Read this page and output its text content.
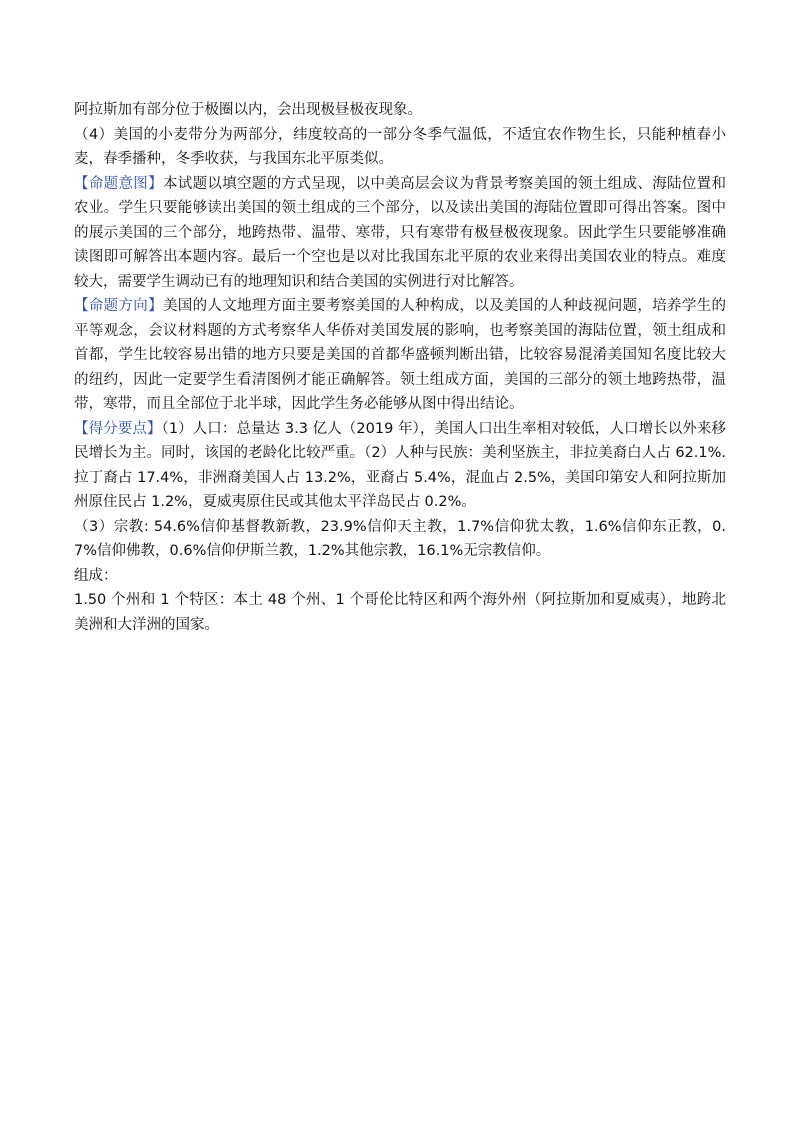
阿拉斯加有部分位于极圈以内，会出现极昼极夜现象。

（4）美国的小麦带分为两部分，纬度较高的一部分冬季气温低，不适宜农作物生长，只能种植春小麦，春季播种，冬季收获，与我国东北平原类似。

【命题意图】本试题以填空题的方式呈现，以中美高层会议为背景考察美国的领土组成、海陆位置和农业。学生只要能够读出美国的领土组成的三个部分，以及读出美国的海陆位置即可得出答案。图中的展示美国的三个部分，地跨热带、温带、寒带，只有寒带有极昼极夜现象。因此学生只要能够准确读图即可解答出本题内容。最后一个空也是以对比我国东北平原的农业来得出美国农业的特点。难度较大，需要学生调动已有的地理知识和结合美国的实例进行对比解答。

【命题方向】美国的人文地理方面主要考察美国的人种构成，以及美国的人种歧视问题，培养学生的平等观念，会议材料题的方式考察华人华侨对美国发展的影响，也考察美国的海陆位置，领土组成和首都，学生比较容易出错的地方只要是美国的首都华盛顿判断出错，比较容易混淆美国知名度比较大的纽约，因此一定要学生看清图例才能正确解答。领土组成方面，美国的三部分的领土地跨热带，温带，寒带，而且全部位于北半球，因此学生务必能够从图中得出结论。

【得分要点】（1）人口：总量达 3.3 亿人（2019 年），美国人口出生率相对较低，人口增长以外来移民增长为主。同时，该国的老龄化比较严重。（2）人种与民族：美利坚族主，非拉美裔白人占 62.1%.拉丁裔占 17.4%，非洲裔美国人占 13.2%，亚裔占 5.4%，混血占 2.5%，美国印第安人和阿拉斯加州原住民占 1.2%，夏威夷原住民或其他太平洋岛民占 0.2%。

（3）宗教: 54.6%信仰基督教新教，23.9%信仰天主教，1.7%信仰犹太教，1.6%信仰东正教，0.7%信仰佛教，0.6%信仰伊斯兰教，1.2%其他宗教，16.1%无宗教信仰。

组成：

1.50 个州和 1 个特区：本土 48 个州、1 个哥伦比特区和两个海外州（阿拉斯加和夏威夷），地跨北美洲和大洋洲的国家。
